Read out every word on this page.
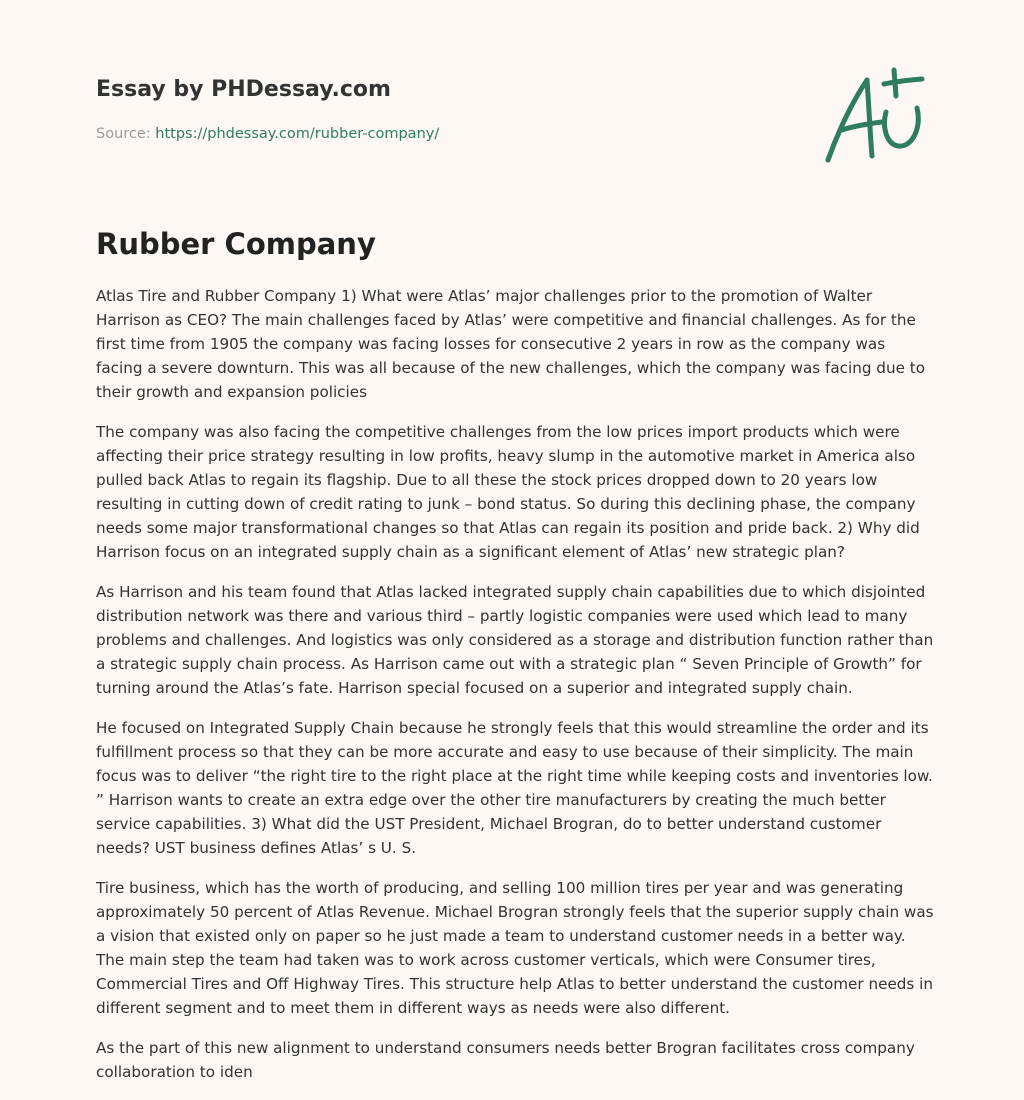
Essay by PHDessay.com
Source: https://phdessay.com/rubber-company/
Rubber Company

Atlas Tire and Rubber Company 1) What were Atlas’ major challenges prior to the promotion of Walter Harrison as CEO? The main challenges faced by Atlas’ were competitive and financial challenges. As for the first time from 1905 the company was facing losses for consecutive 2 years in row as the company was facing a severe downturn. This was all because of the new challenges, which the company was facing due to their growth and expansion policies

The company was also facing the competitive challenges from the low prices import products which were affecting their price strategy resulting in low profits, heavy slump in the automotive market in America also pulled back Atlas to regain its flagship. Due to all these the stock prices dropped down to 20 years low resulting in cutting down of credit rating to junk – bond status. So during this declining phase, the company needs some major transformational changes so that Atlas can regain its position and pride back. 2) Why did Harrison focus on an integrated supply chain as a significant element of Atlas’ new strategic plan?

As Harrison and his team found that Atlas lacked integrated supply chain capabilities due to which disjointed distribution network was there and various third – partly logistic companies were used which lead to many problems and challenges. And logistics was only considered as a storage and distribution function rather than a strategic supply chain process. As Harrison came out with a strategic plan “ Seven Principle of Growth” for turning around the Atlas’s fate. Harrison special focused on a superior and integrated supply chain.

He focused on Integrated Supply Chain because he strongly feels that this would streamline the order and its fulfillment process so that they can be more accurate and easy to use because of their simplicity. The main focus was to deliver “the right tire to the right place at the right time while keeping costs and inventories low. ” Harrison wants to create an extra edge over the other tire manufacturers by creating the much better service capabilities. 3) What did the UST President, Michael Brogran, do to better understand customer needs? UST business defines Atlas’ s U. S.

Tire business, which has the worth of producing, and selling 100 million tires per year and was generating approximately 50 percent of Atlas Revenue. Michael Brogran strongly feels that the superior supply chain was a vision that existed only on paper so he just made a team to understand customer needs in a better way. The main step the team had taken was to work across customer verticals, which were Consumer tires, Commercial Tires and Off Highway Tires. This structure help Atlas to better understand the customer needs in different segment and to meet them in different ways as needs were also different.

As the part of this new alignment to understand consumers needs better Brogran facilitates cross company collaboration to iden
